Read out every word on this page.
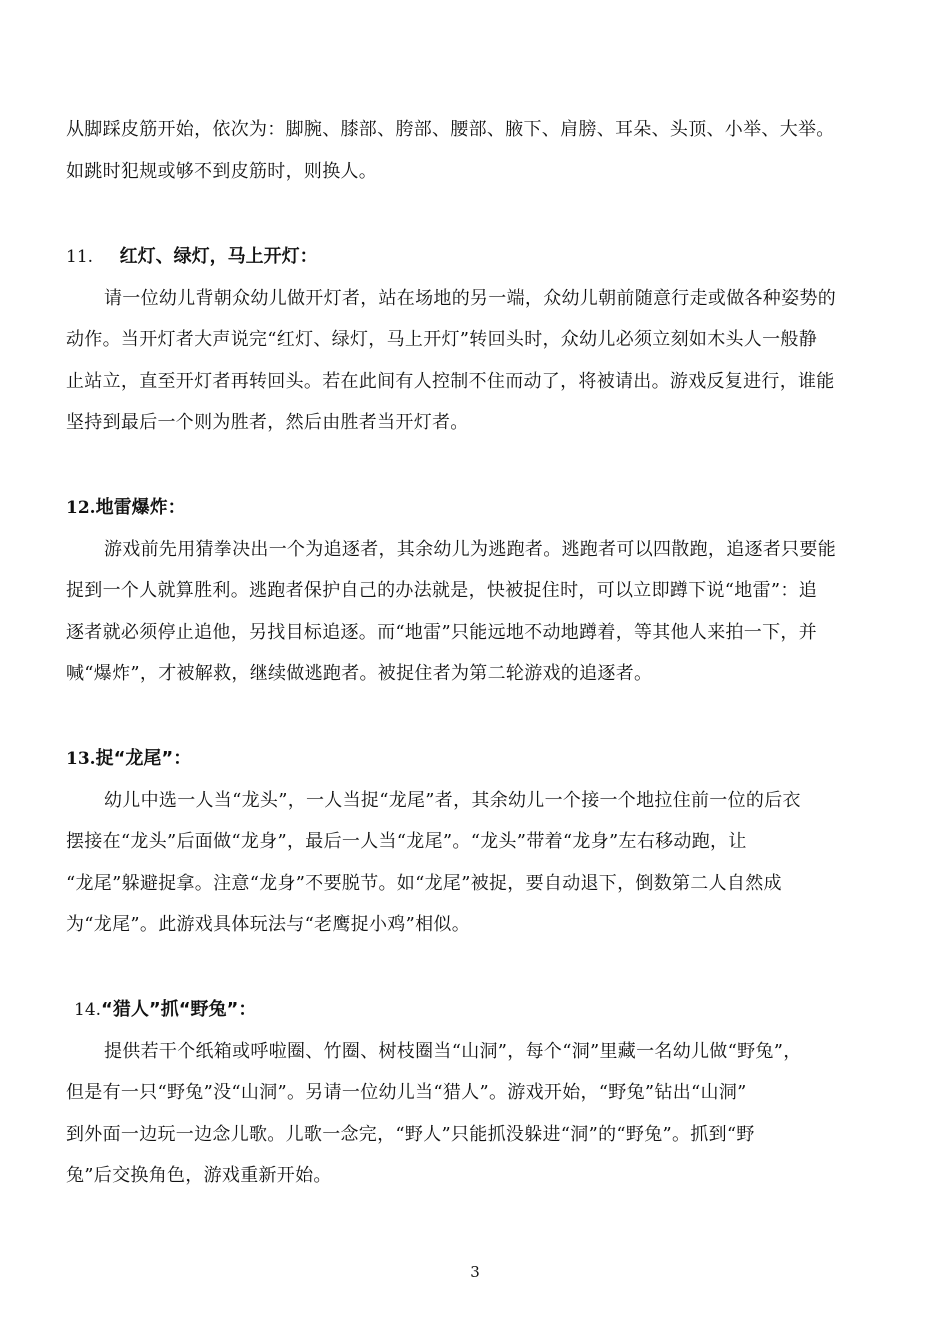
从脚踩皮筋开始，依次为：脚腕、膝部、胯部、腰部、腋下、肩膀、耳朵、头顶、小举、大举。
如跳时犯规或够不到皮筋时，则换人。
11. 红灯、绿灯，马上开灯：
请一位幼儿背朝众幼儿做开灯者，站在场地的另一端，众幼儿朝前随意行走或做各种姿势的
动作。当开灯者大声说完“红灯、绿灯，马上开灯”转回头时，众幼儿必须立刻如木头人一般静
止站立，直至开灯者再转回头。若在此间有人控制不住而动了，将被请出。游戏反复进行，谁能
坚持到最后一个则为胜者，然后由胜者当开灯者。
12.地雷爆炸：
游戏前先用猜拳决出一个为追逐者，其余幼儿为逃跑者。逃跑者可以四散跑，追逐者只要能
捉到一个人就算胜利。逃跑者保护自己的办法就是，快被捉住时，可以立即蹲下说“地雷”：追
逐者就必须停止追他，另找目标追逐。而“地雷”只能远地不动地蹲着，等其他人来拍一下，并
喊“爆炸”，才被解救，继续做逃跑者。被捉住者为第二轮游戏的追逐者。
13.捉“龙尾”：
幼儿中选一人当“龙头”，一人当捉“龙尾”者，其余幼儿一个接一个地拉住前一位的后衣
摆接在“龙头”后面做“龙身”，最后一人当“龙尾”。“龙头”带着“龙身”左右移动跑，让
“龙尾”躲避捉拿。注意“龙身”不要脱节。如“龙尾”被捉，要自动退下，倒数第二人自然成
为“龙尾”。此游戏具体玩法与“老鹰捉小鸡”相似。
14.“猎人”抓“野兔”：
提供若干个纸箱或呼啦圈、竹圈、树枝圈当“山洞”，每个“洞”里藏一名幼儿做“野兔”，
但是有一只“野兔”没“山洞”。另请一位幼儿当“猎人”。游戏开始，“野兔”钻出“山洞”
到外面一边玩一边念儿歌。儿歌一念完，“野人”只能抓没躲进“洞”的“野兔”。抓到“野
兔”后交换角色，游戏重新开始。
3
